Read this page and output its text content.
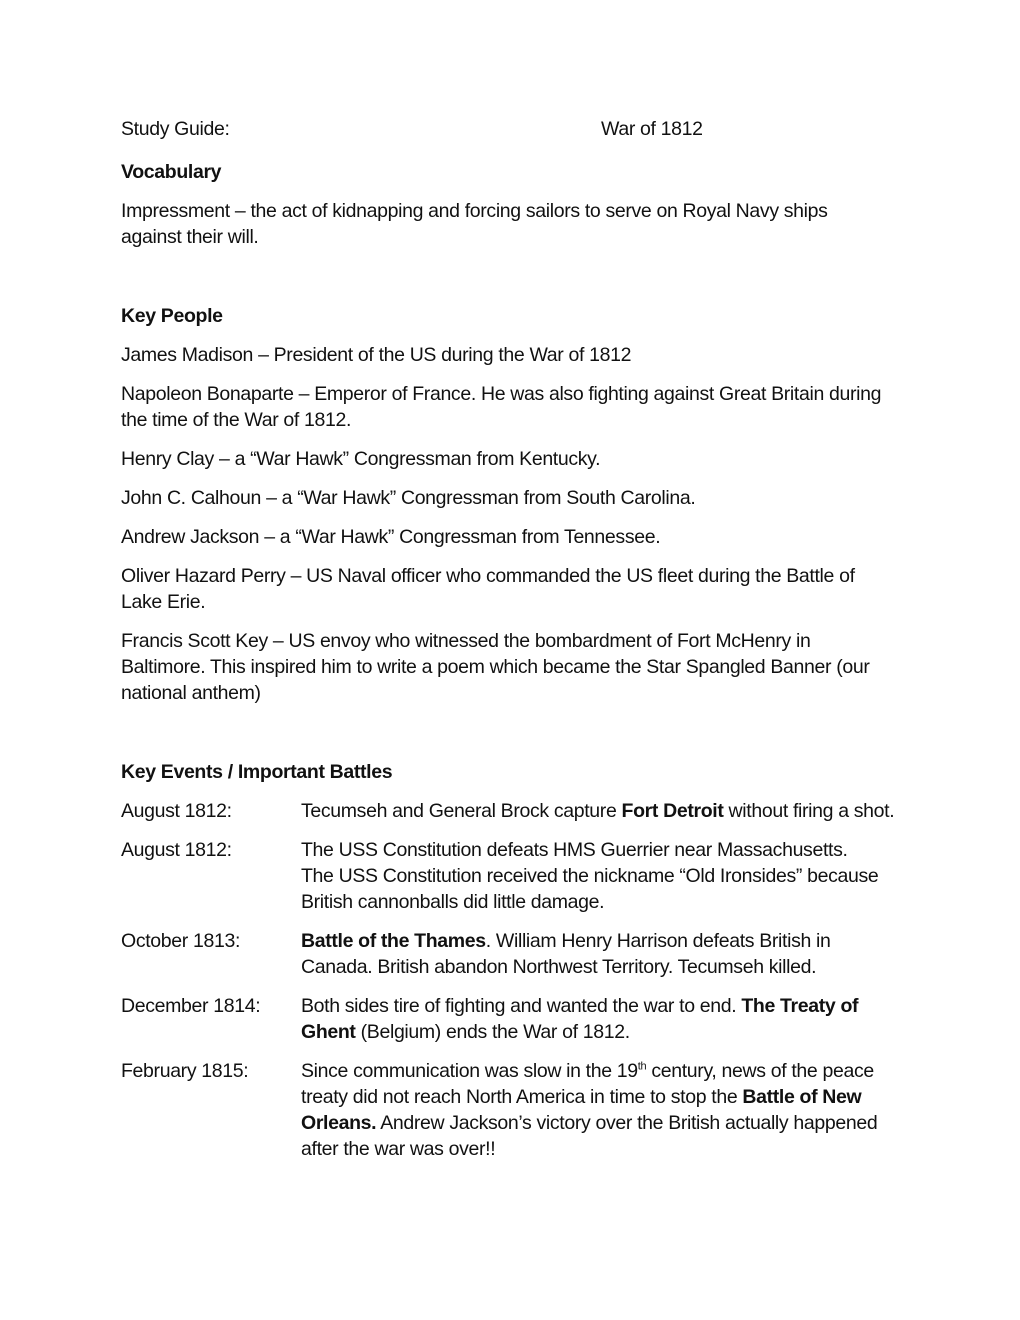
Study Guide:	War of 1812

Vocabulary

Impressment – the act of kidnapping and forcing sailors to serve on Royal Navy ships against their will.

Key People

James Madison – President of the US during the War of 1812

Napoleon Bonaparte – Emperor of France. He was also fighting against Great Britain during the time of the War of 1812.

Henry Clay – a “War Hawk” Congressman from Kentucky.

John C. Calhoun – a “War Hawk” Congressman from South Carolina.

Andrew Jackson – a “War Hawk” Congressman from Tennessee.

Oliver Hazard Perry – US Naval officer who commanded the US fleet during the Battle of Lake Erie.

Francis Scott Key – US envoy who witnessed the bombardment of Fort McHenry in Baltimore. This inspired him to write a poem which became the Star Spangled Banner (our national anthem)

Key Events / Important Battles

August 1812:	Tecumseh and General Brock capture Fort Detroit without firing a shot.
August 1812:	The USS Constitution defeats HMS Guerrier near Massachusetts. The USS Constitution received the nickname “Old Ironsides” because British cannonballs did little damage.
October 1813:	Battle of the Thames. William Henry Harrison defeats British in Canada. British abandon Northwest Territory. Tecumseh killed.
December 1814:	Both sides tire of fighting and wanted the war to end. The Treaty of Ghent (Belgium) ends the War of 1812.
February 1815:	Since communication was slow in the 19th century, news of the peace treaty did not reach North America in time to stop the Battle of New Orleans. Andrew Jackson’s victory over the British actually happened after the war was over!!
